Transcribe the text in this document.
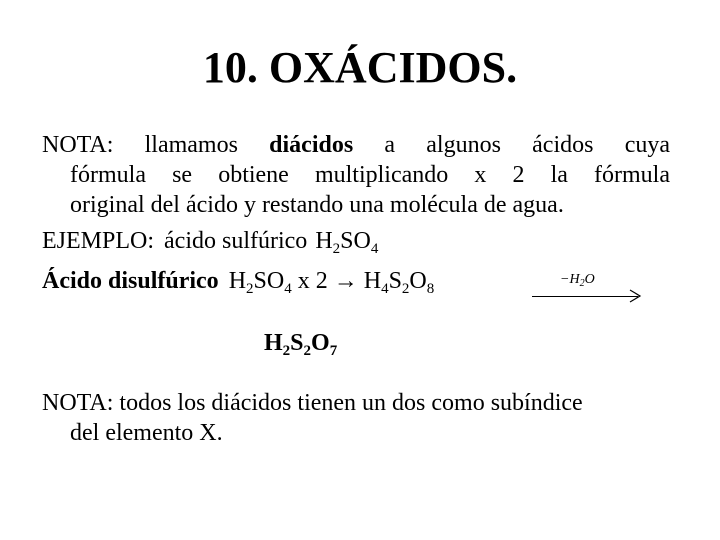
10. OXÁCIDOS.
NOTA: llamamos diácidos a algunos ácidos cuya
fórmula se obtiene multiplicando x 2 la fórmula
original del ácido y restando una molécula de agua.
EJEMPLO: ácido sulfúrico $H_2SO_4$
Ácido disulfúrico $H_2SO_4$ x $2 \to H_4S_2O_8$
$-H_2O$
$H_2S_2O_7$
NOTA: todos los diácidos tienen un dos como subíndice
del elemento X.
